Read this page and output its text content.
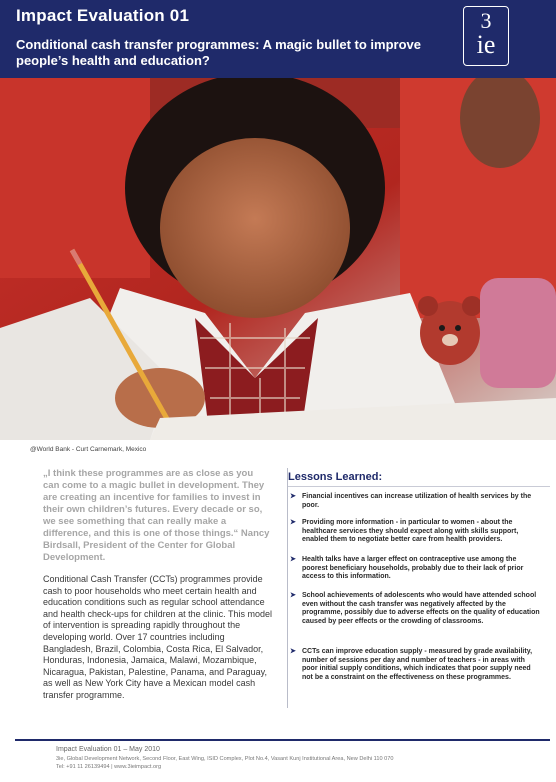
Impact Evaluation 01
Conditional cash transfer programmes: A magic bullet to improve people’s health and education?
3
ie
@World Bank - Curt Carnemark, Mexico
„I think these programmes are as close as you can come to a magic bullet in development. They are creating an incentive for families to invest in their own children’s futures. Every decade or so, we see something that can really make a difference, and this is one of those things.“ Nancy Birdsall, President of the Center for Global Development.
Conditional Cash Transfer (CCTs) programmes provide cash to poor households who meet certain health and education conditions such as regular school attendance and health check-ups for children at the clinic. This model of intervention is spreading rapidly throughout the developing world. Over 17 countries including Bangladesh, Brazil, Colombia, Costa Rica, El Salvador, Honduras, Indonesia, Jamaica, Malawi, Mozambique, Nicaragua, Pakistan, Palestine, Panama, and Paraguay, as well as New York City have a Mexican model cash transfer programme.
Lessons Learned:
➤ Financial incentives can increase utilization of health services by the poor.
➤ Providing more information - in particular to women - about the healthcare services they should expect along with skills support, enabled them to negotiate better care from health providers.
➤ Health talks have a larger effect on contraceptive use among the poorest beneficiary households, probably due to their lack of prior access to this information.
➤ School achievements of adolescents who would have attended school even without the cash transfer was negatively affected by the programme, possibly due to adverse effects on the quality of education caused by peer effects or the crowding of classrooms.
➤ CCTs can improve education supply - measured by grade availability, number of sessions per day and number of teachers - in areas with poor initial supply conditions, which indicates that poor supply need not be a constraint on the effectiveness on these programmes.
Impact Evaluation 01 – May 2010
3ie, Global Development Network, Second Floor, East Wing, ISID Complex, Plot No.4, Vasant Kunj Institutional Area, New Delhi 110 070
Tel: +91 11 26139494 | www.3ieimpact.org
